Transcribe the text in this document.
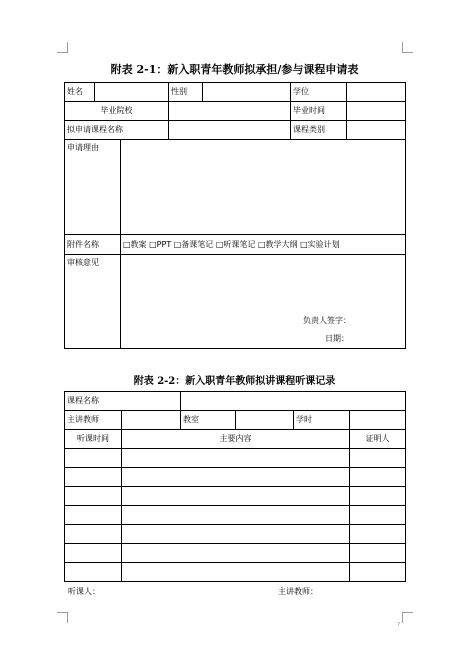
7
附表 2-1：新入职青年教师拟承担/参与课程申请表
姓名			性别		学位	
毕业院校					毕业时间	
拟申请课程名称					课程类别	
申请理由						
附件名称		□教案 □PPT □备课笔记 □听课笔记 □教学大纲 □实验计划				
审核意见		负责人签字：
日期：				
附表 2-2：新入职青年教师拟讲课程听课记录
课程名称					
主讲教师		教室		学时	
听课时间	主要内容				证明人

听课人：	主讲教师：
